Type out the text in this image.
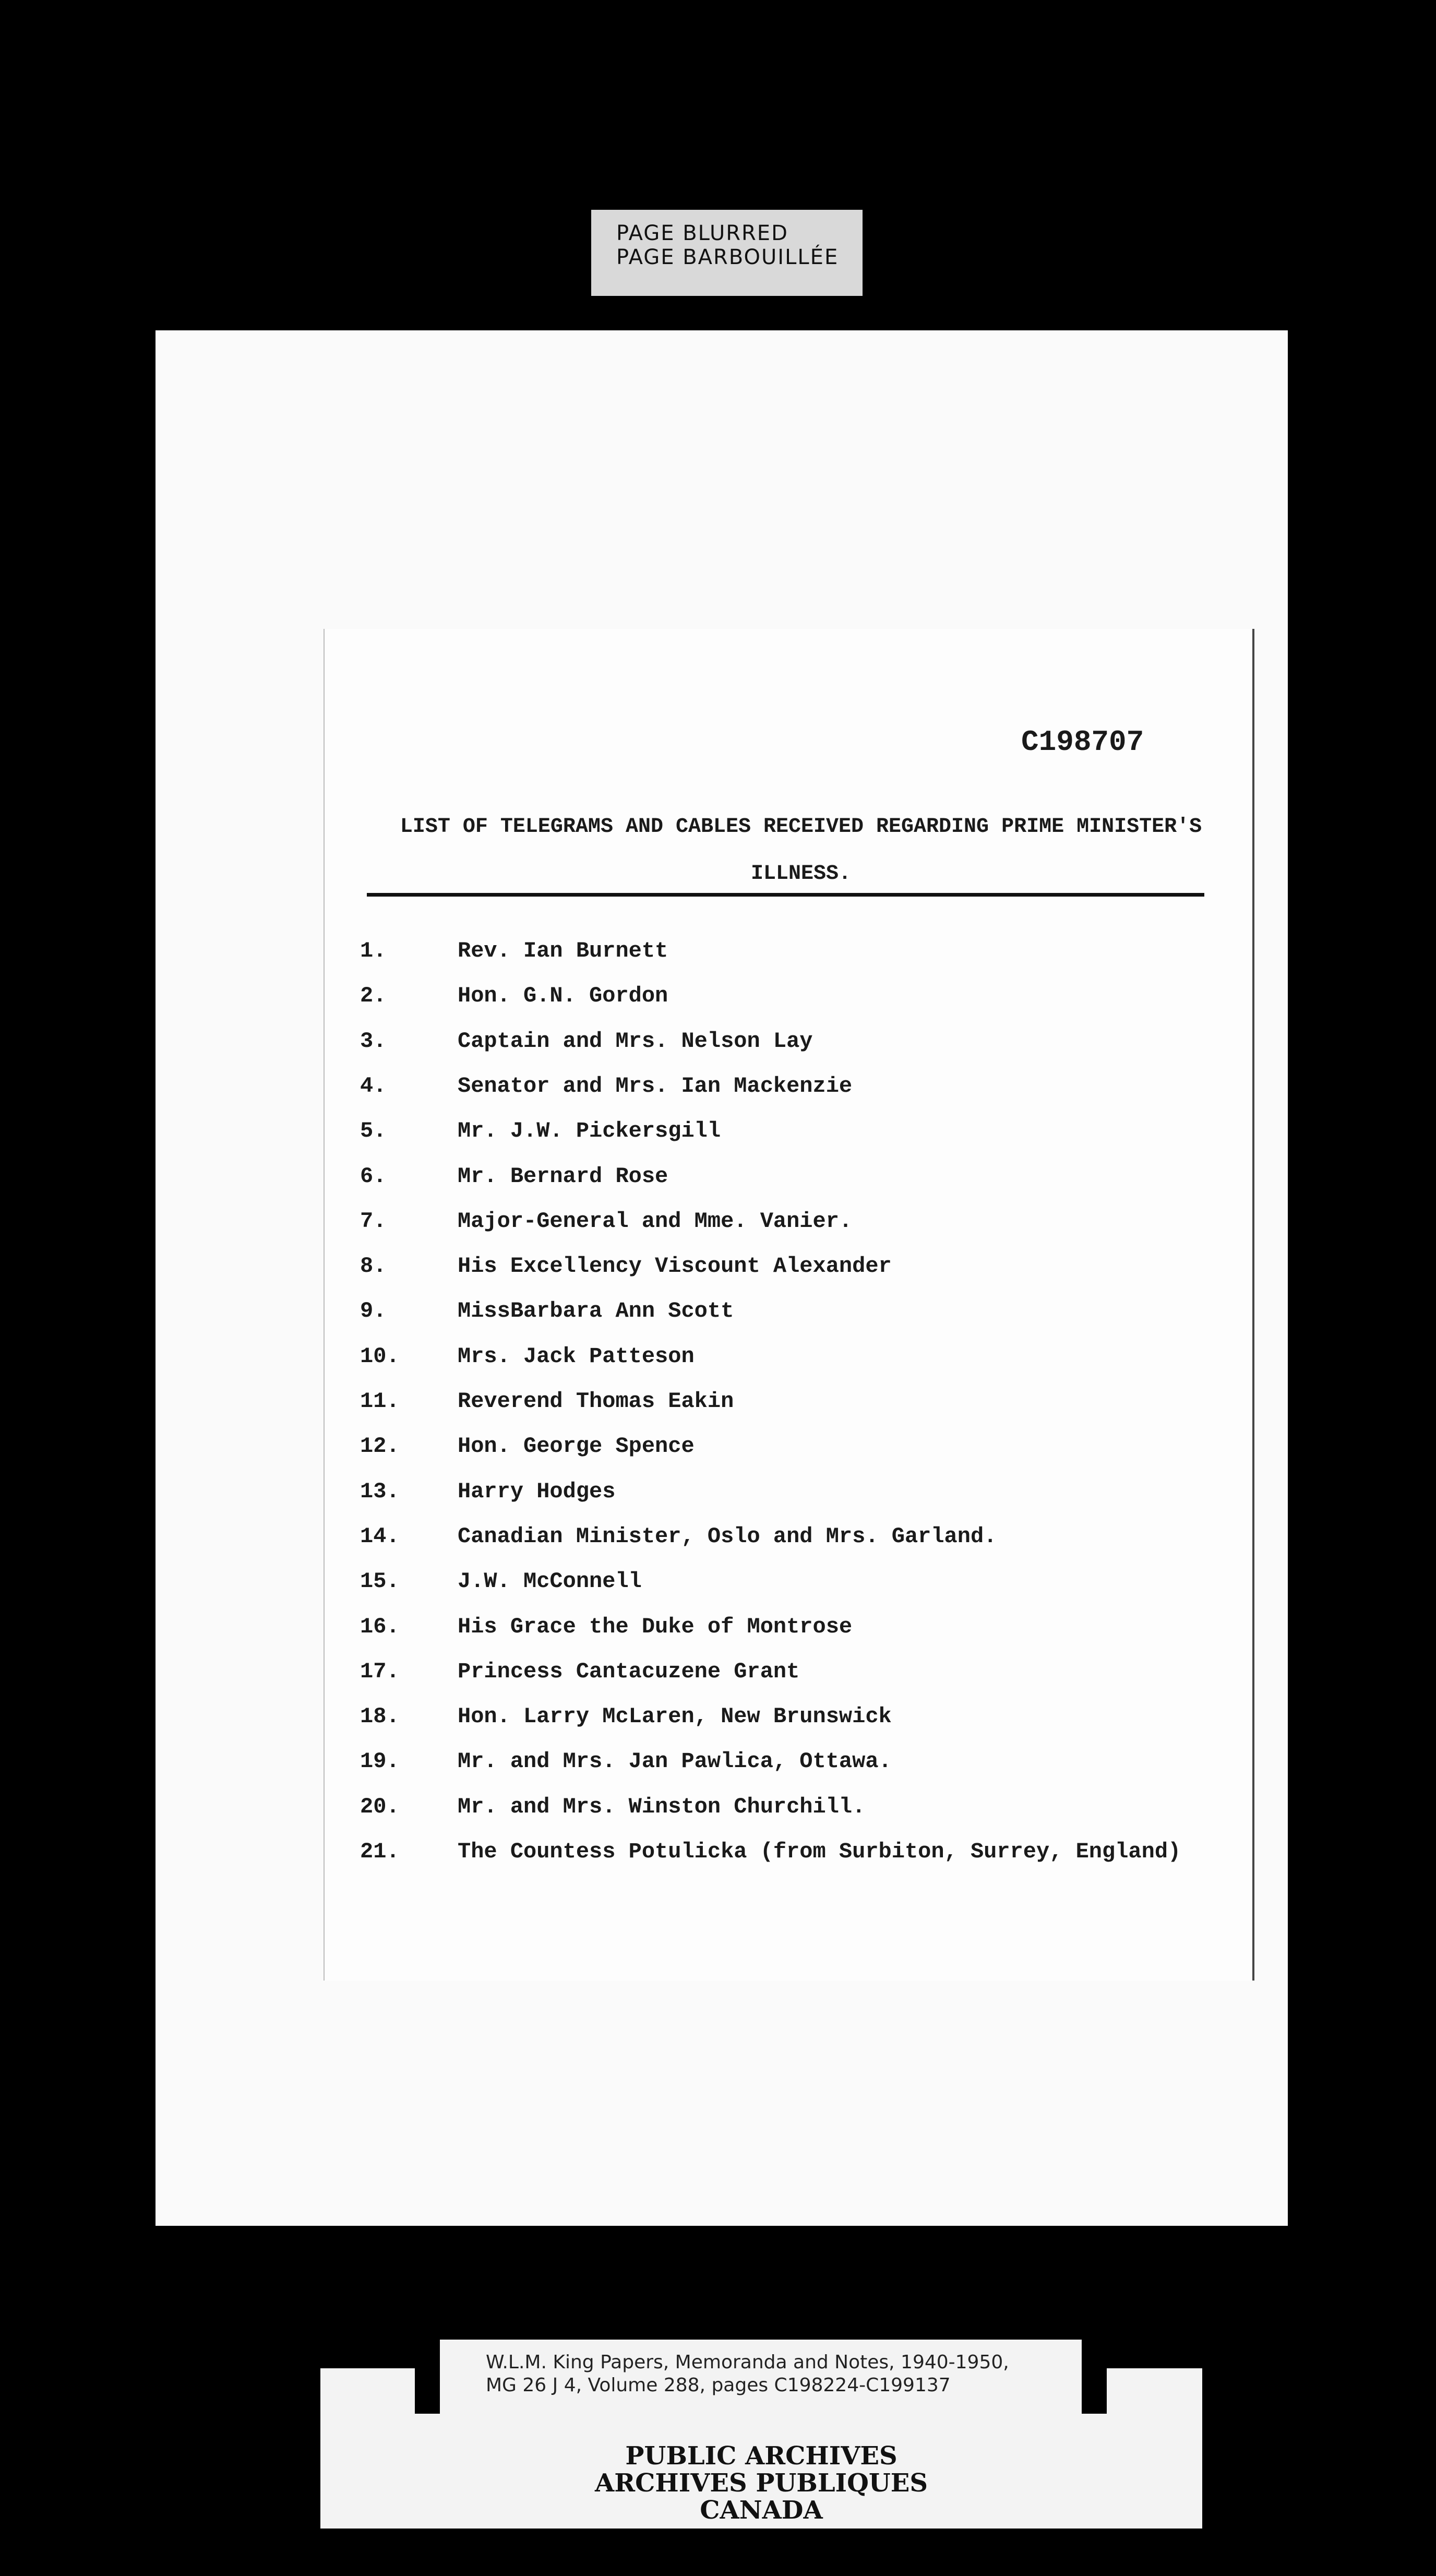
PAGE BLURRED
PAGE BARBOUILLÉE
C198707
LIST OF TELEGRAMS AND CABLES RECEIVED REGARDING PRIME MINISTER'S
ILLNESS.
1.	Rev. Ian Burnett
2.	Hon. G.N. Gordon
3.	Captain and Mrs. Nelson Lay
4.	Senator and Mrs. Ian Mackenzie
5.	Mr. J.W. Pickersgill
6.	Mr. Bernard Rose
7.	Major-General and Mme. Vanier.
8.	His Excellency Viscount Alexander
9.	MissBarbara Ann Scott
10.	Mrs. Jack Patteson
11.	Reverend Thomas Eakin
12.	Hon. George Spence
13.	Harry Hodges
14.	Canadian Minister, Oslo and Mrs. Garland.
15.	J.W. McConnell
16.	His Grace the Duke of Montrose
17.	Princess Cantacuzene Grant
18.	Hon. Larry McLaren, New Brunswick
19.	Mr. and Mrs. Jan Pawlica, Ottawa.
20.	Mr. and Mrs. Winston Churchill.
21.	The Countess Potulicka (from Surbiton, Surrey, England)
W.L.M. King Papers, Memoranda and Notes, 1940-1950,
MG 26 J 4, Volume 288, pages C198224-C199137
PUBLIC ARCHIVES
ARCHIVES PUBLIQUES
CANADA
